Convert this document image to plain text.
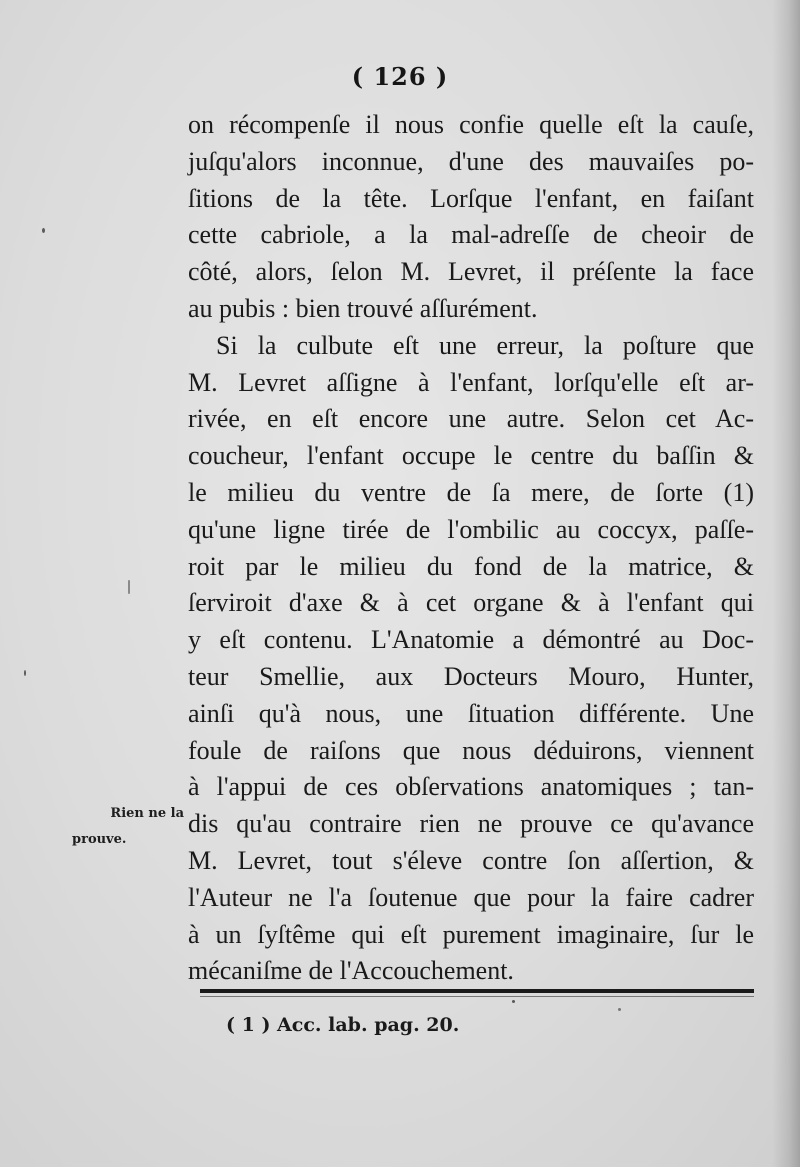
( 126 )
on récompenſe il nous confie quelle eſt la cauſe,
juſqu'alors inconnue, d'une des mauvaiſes po-
ſitions de la tête. Lorſque l'enfant, en faiſant
cette cabriole, a la mal-adreſſe de cheoir de
côté, alors, ſelon M. Levret, il préſente la face
au pubis : bien trouvé aſſurément.
Si la culbute eſt une erreur, la poſture que
M. Levret aſſigne à l'enfant, lorſqu'elle eſt ar-
rivée, en eſt encore une autre. Selon cet Ac-
coucheur, l'enfant occupe le centre du baſſin &
le milieu du ventre de ſa mere, de ſorte (1)
qu'une ligne tirée de l'ombilic au coccyx, paſſe-
roit par le milieu du fond de la matrice, &
ſerviroit d'axe & à cet organe & à l'enfant qui
y eſt contenu. L'Anatomie a démontré au Doc-
teur Smellie, aux Docteurs Mouro, Hunter,
ainſi qu'à nous, une ſituation différente. Une
foule de raiſons que nous déduirons, viennent
à l'appui de ces obſervations anatomiques ; tan-
dis qu'au contraire rien ne prouve ce qu'avance
M. Levret, tout s'éleve contre ſon aſſertion, &
l'Auteur ne l'a ſoutenue que pour la faire cadrer
à un ſyſtême qui eſt purement imaginaire, ſur le
mécaniſme de l'Accouchement.
Rien ne la
prouve.
( 1 ) Acc. lab. pag. 20.
